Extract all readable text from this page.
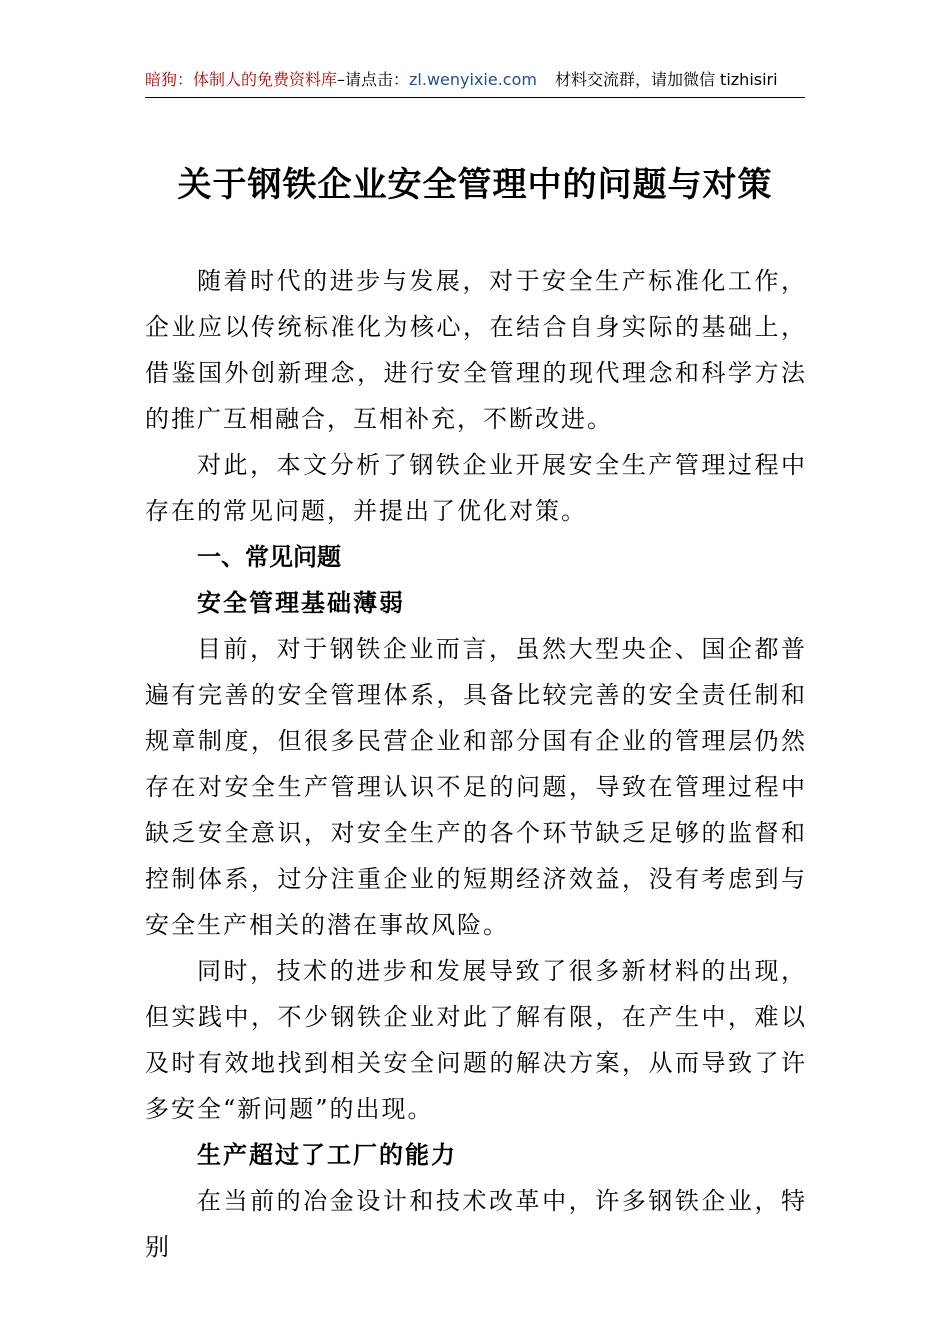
暗狗：体制人的免费资料库–请点击：zl.wenyixie.com 材料交流群，请加微信 tizhisiri
关于钢铁企业安全管理中的问题与对策

随着时代的进步与发展，对于安全生产标准化工作，企业应以传统标准化为核心，在结合自身实际的基础上，借鉴国外创新理念，进行安全管理的现代理念和科学方法的推广互相融合，互相补充，不断改进。

对此，本文分析了钢铁企业开展安全生产管理过程中存在的常见问题，并提出了优化对策。

一、常见问题

安全管理基础薄弱

目前，对于钢铁企业而言，虽然大型央企、国企都普遍有完善的安全管理体系，具备比较完善的安全责任制和规章制度，但很多民营企业和部分国有企业的管理层仍然存在对安全生产管理认识不足的问题，导致在管理过程中缺乏安全意识，对安全生产的各个环节缺乏足够的监督和控制体系，过分注重企业的短期经济效益，没有考虑到与安全生产相关的潜在事故风险。

同时，技术的进步和发展导致了很多新材料的出现，但实践中，不少钢铁企业对此了解有限，在产生中，难以及时有效地找到相关安全问题的解决方案，从而导致了许多安全“新问题”的出现。

生产超过了工厂的能力

在当前的冶金设计和技术改革中，许多钢铁企业，特别
